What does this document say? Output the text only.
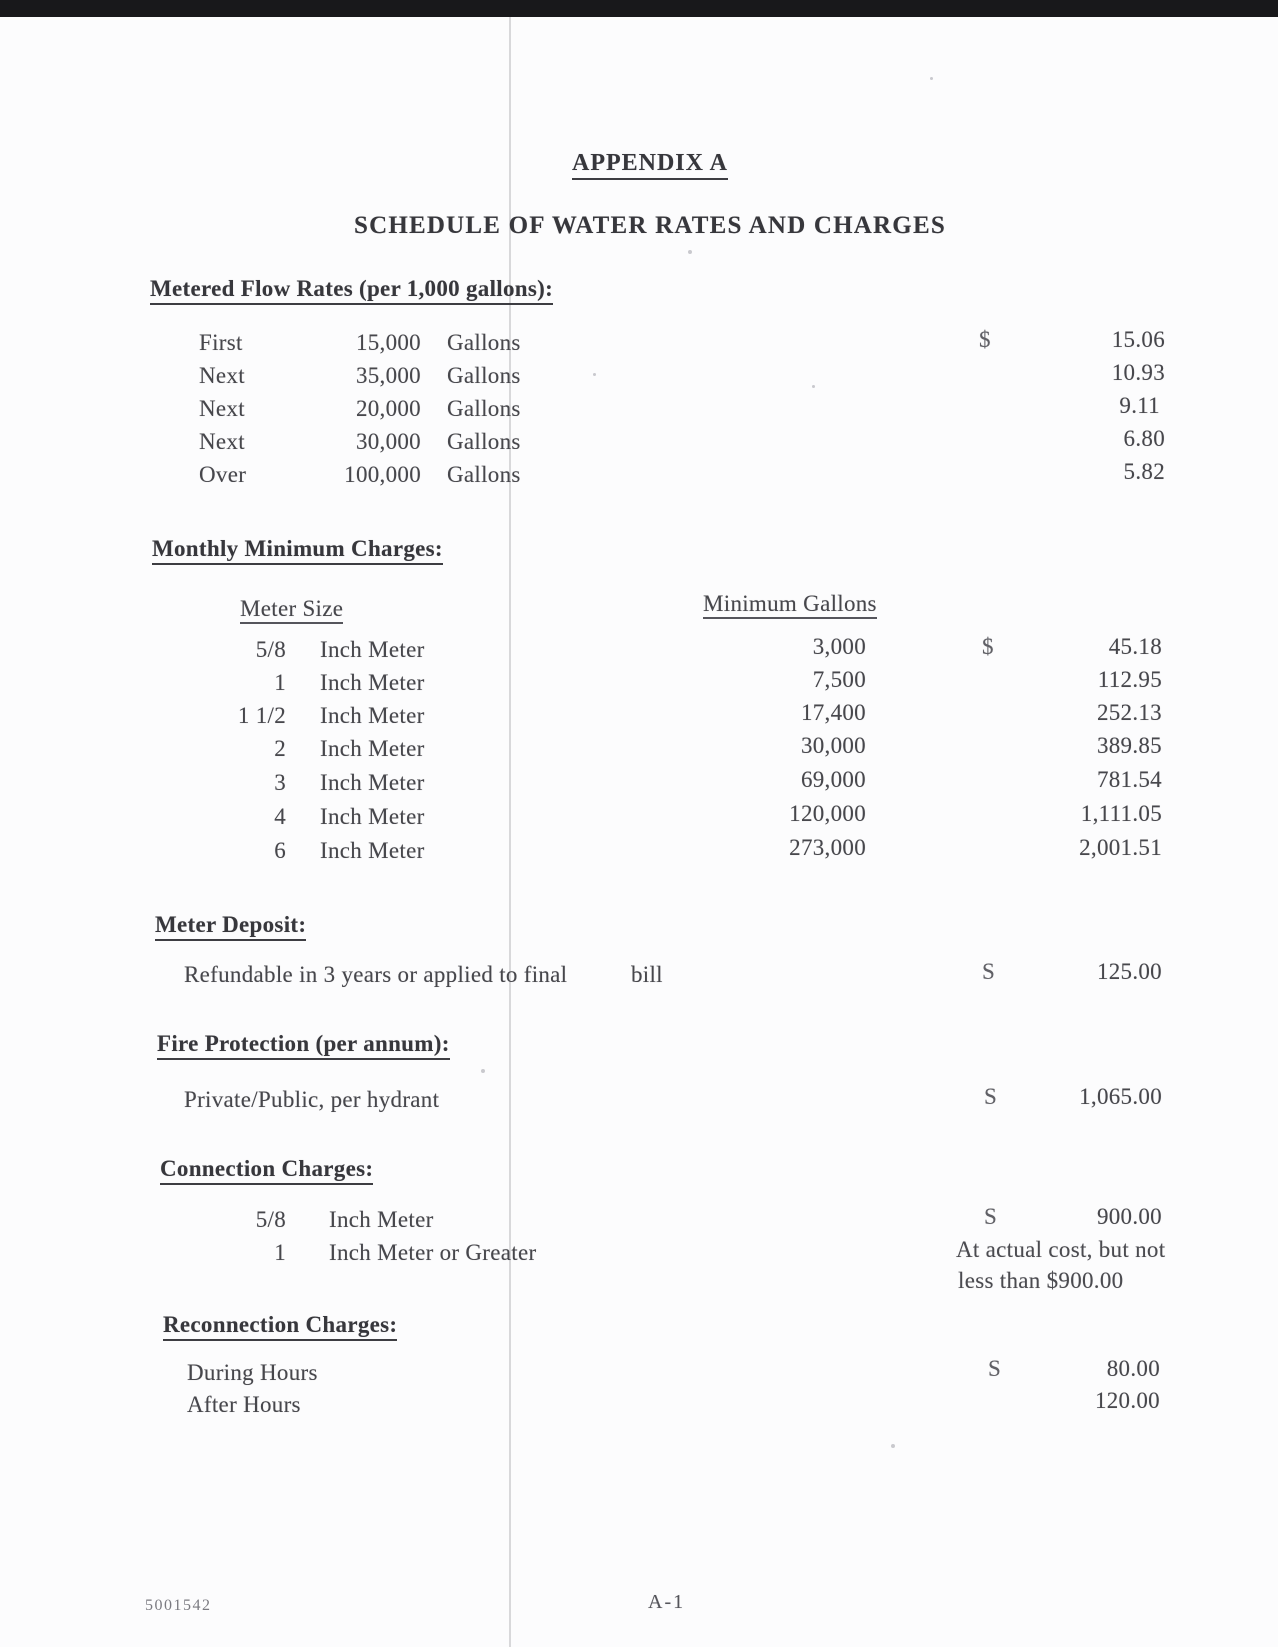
APPENDIX A
SCHEDULE OF WATER RATES AND CHARGES
Metered Flow Rates (per 1,000 gallons):
First	15,000 Gallons	$	15.06
Next	35,000 Gallons	10.93
Next	20,000 Gallons	9.11
Next	30,000 Gallons	6.80
Over	100,000 Gallons	5.82
Monthly Minimum Charges:
Meter Size	Minimum Gallons
5/8 Inch Meter	3,000	$	45.18
1 Inch Meter	7,500	112.95
1 1/2 Inch Meter	17,400	252.13
2 Inch Meter	30,000	389.85
3 Inch Meter	69,000	781.54
4 Inch Meter	120,000	1,111.05
6 Inch Meter	273,000	2,001.51
Meter Deposit:
Refundable in 3 years or applied to final	bill	S	125.00
Fire Protection (per annum):
Private/Public, per hydrant	S	1,065.00
Connection Charges:
5/8 Inch Meter	S	900.00
1 Inch Meter or Greater	At actual cost, but not
less than $900.00
Reconnection Charges:
During Hours	S	80.00
After Hours	120.00
5001542	A-1
